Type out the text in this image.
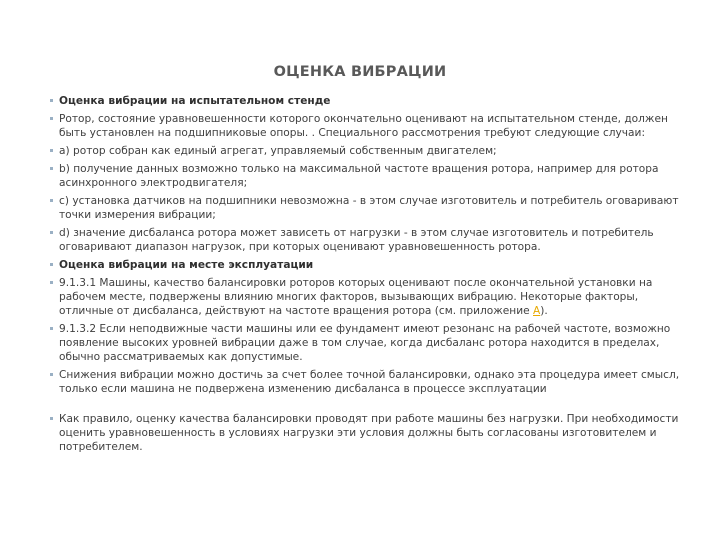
ОЦЕНКА ВИБРАЦИИ
Оценка вибрации на испытательном стенде
Ротор, состояние уравновешенности которого окончательно оценивают на испытательном стенде, должен быть установлен на подшипниковые опоры. . Специального рассмотрения требуют следующие случаи:
а) ротор собран как единый агрегат, управляемый собственным двигателем;
b) получение данных возможно только на максимальной частоте вращения ротора, например для ротора асинхронного электродвигателя;
с) установка датчиков на подшипники невозможна - в этом случае изготовитель и потребитель оговаривают точки измерения вибрации;
d) значение дисбаланса ротора может зависеть от нагрузки - в этом случае изготовитель и потребитель оговаривают диапазон нагрузок, при которых оценивают уравновешенность ротора.
Оценка вибрации на месте эксплуатации
9.1.3.1 Машины, качество балансировки роторов которых оценивают после окончательной установки на рабочем месте, подвержены влиянию многих факторов, вызывающих вибрацию. Некоторые факторы, отличные от дисбаланса, действуют на частоте вращения ротора (см. приложение А).
9.1.3.2 Если неподвижные части машины или ее фундамент имеют резонанс на рабочей частоте, возможно появление высоких уровней вибрации даже в том случае, когда дисбаланс ротора находится в пределах, обычно рассматриваемых как допустимые.
Снижения вибрации можно достичь за счет более точной балансировки, однако эта процедура имеет смысл, только если машина не подвержена изменению дисбаланса в процессе эксплуатации
Как правило, оценку качества балансировки проводят при работе машины без нагрузки. При необходимости оценить уравновешенность в условиях нагрузки эти условия должны быть согласованы изготовителем и потребителем.
